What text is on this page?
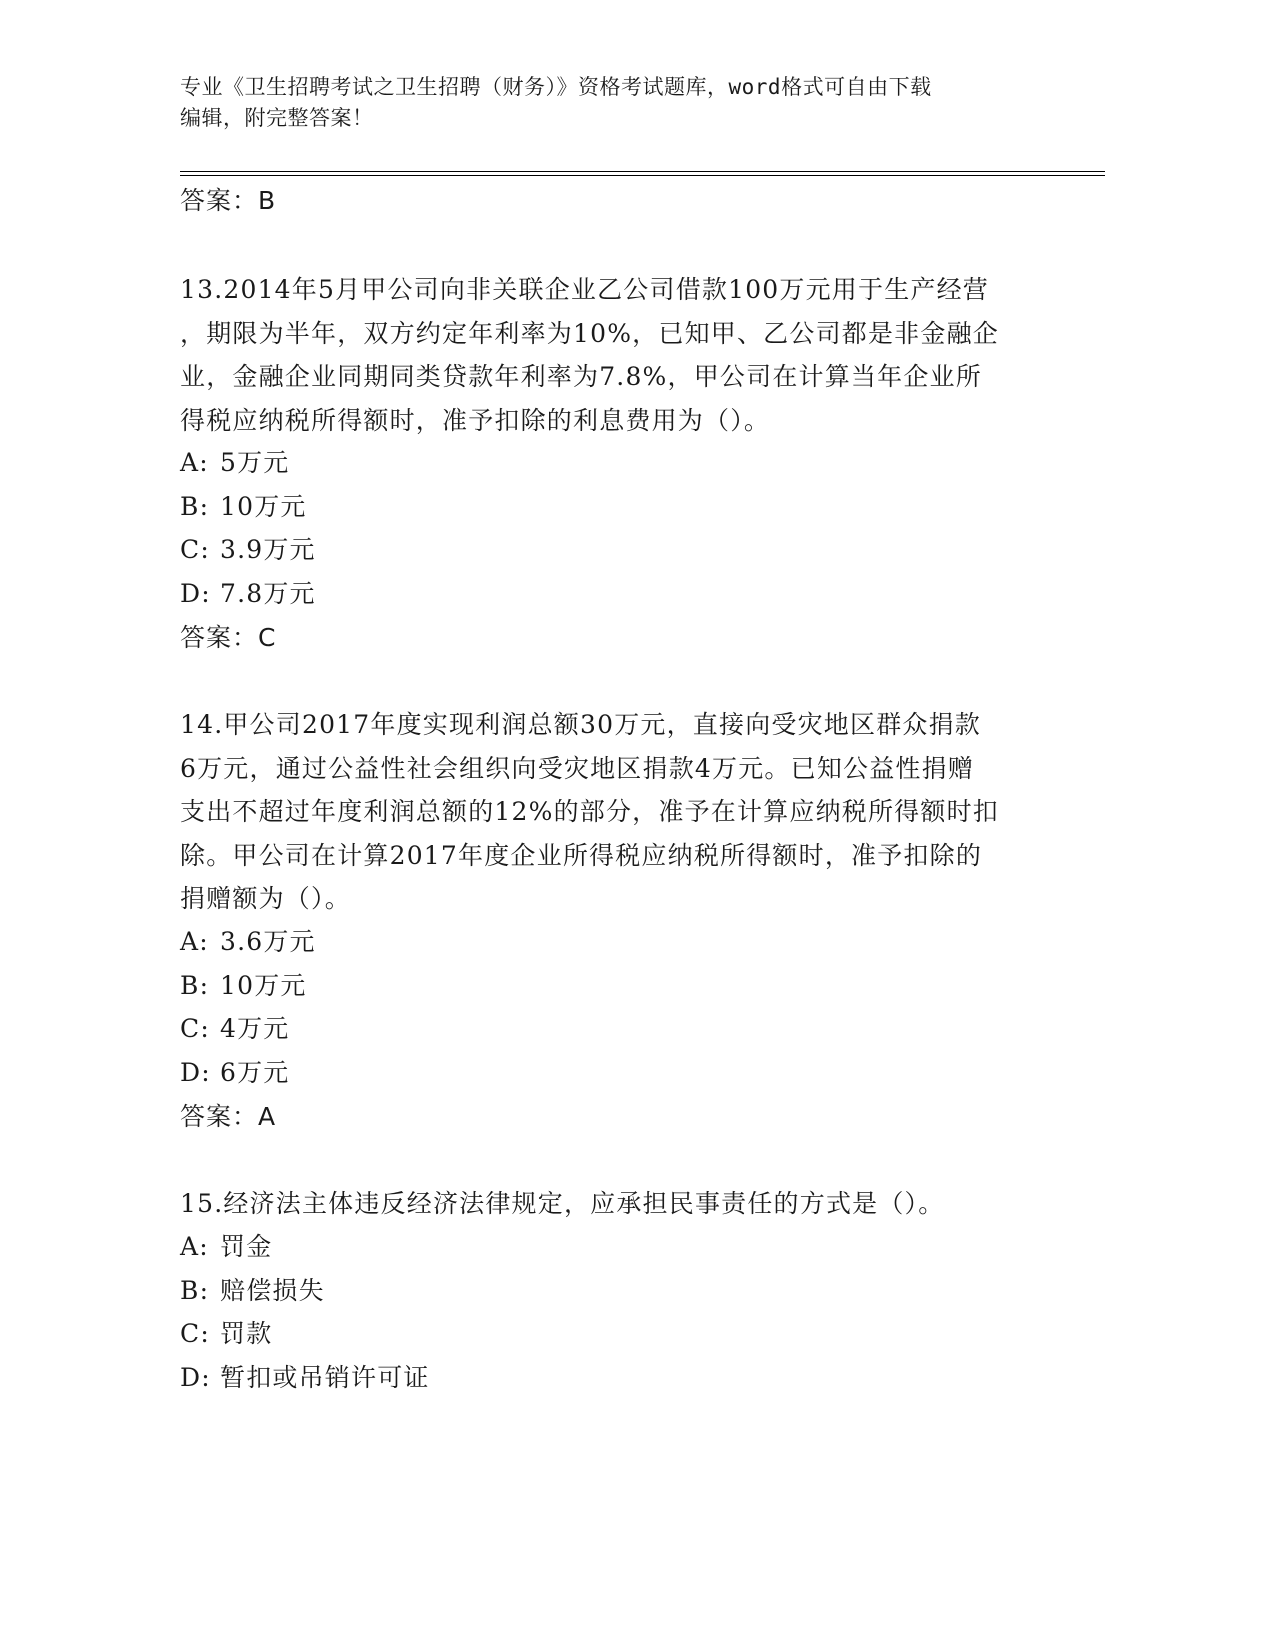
专业《卫生招聘考试之卫生招聘（财务）》资格考试题库，word格式可自由下载
编辑，附完整答案！
答案：B
13.2014年5月甲公司向非关联企业乙公司借款100万元用于生产经营
，期限为半年，双方约定年利率为10%，已知甲、乙公司都是非金融企
业，金融企业同期同类贷款年利率为7.8%，甲公司在计算当年企业所
得税应纳税所得额时，准予扣除的利息费用为（）。
A: 5万元
B: 10万元
C: 3.9万元
D: 7.8万元
答案：C
14.甲公司2017年度实现利润总额30万元，直接向受灾地区群众捐款
6万元，通过公益性社会组织向受灾地区捐款4万元。已知公益性捐赠
支出不超过年度利润总额的12%的部分，准予在计算应纳税所得额时扣
除。甲公司在计算2017年度企业所得税应纳税所得额时，准予扣除的
捐赠额为（）。
A: 3.6万元
B: 10万元
C: 4万元
D: 6万元
答案：A
15.经济法主体违反经济法律规定，应承担民事责任的方式是（）。
A: 罚金
B: 赔偿损失
C: 罚款
D: 暂扣或吊销许可证
